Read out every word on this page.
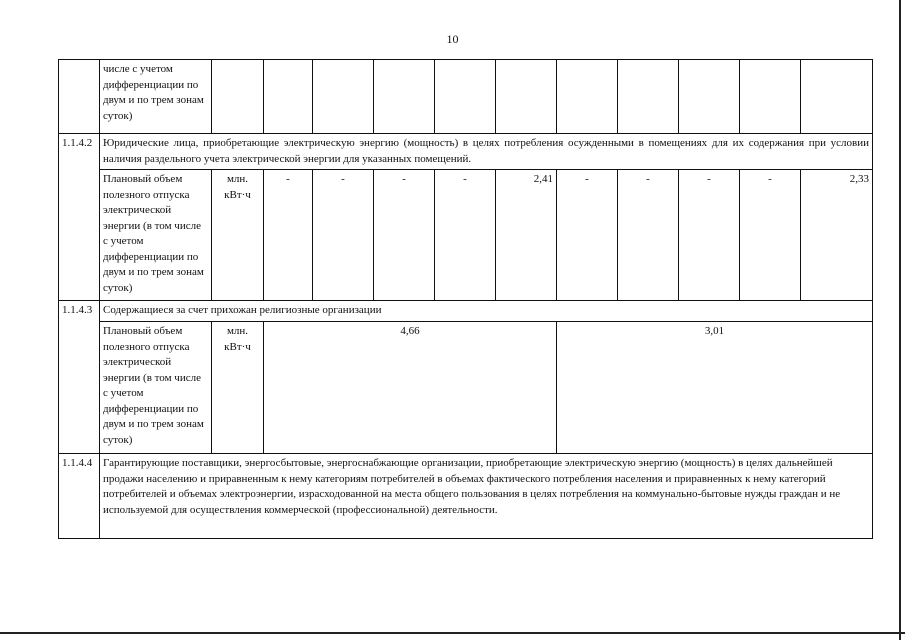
10
	числе с учетом дифференциации по двум и по трем зонам суток)											
1.1.4.2	Юридические лица, приобретающие электрическую энергию (мощность) в целях потребления осужденными в помещениях для их содержания при условии наличия раздельного учета электрической энергии для указанных помещений.											
	Плановый объем полезного отпуска электрической энергии (в том числе с учетом дифференциации по двум и по трем зонам суток)	млн. кВт·ч	-	-	-	-	2,41	-	-	-	-	2,33
1.1.4.3	Содержащиеся за счет прихожан религиозные организации											
	Плановый объем полезного отпуска электрической энергии (в том числе с учетом дифференциации по двум и по трем зонам суток)	млн. кВт·ч	4,66					3,01				
1.1.4.4	Гарантирующие поставщики, энергосбытовые, энергоснабжающие организации, приобретающие электрическую энергию (мощность) в целях дальнейшей продажи населению и приравненным к нему категориям потребителей в объемах фактического потребления населения и приравненных к нему категорий потребителей и объемах электроэнергии, израсходованной на места общего пользования в целях потребления на коммунально-бытовые нужды граждан и не используемой для осуществления коммерческой (профессиональной) деятельности.											
